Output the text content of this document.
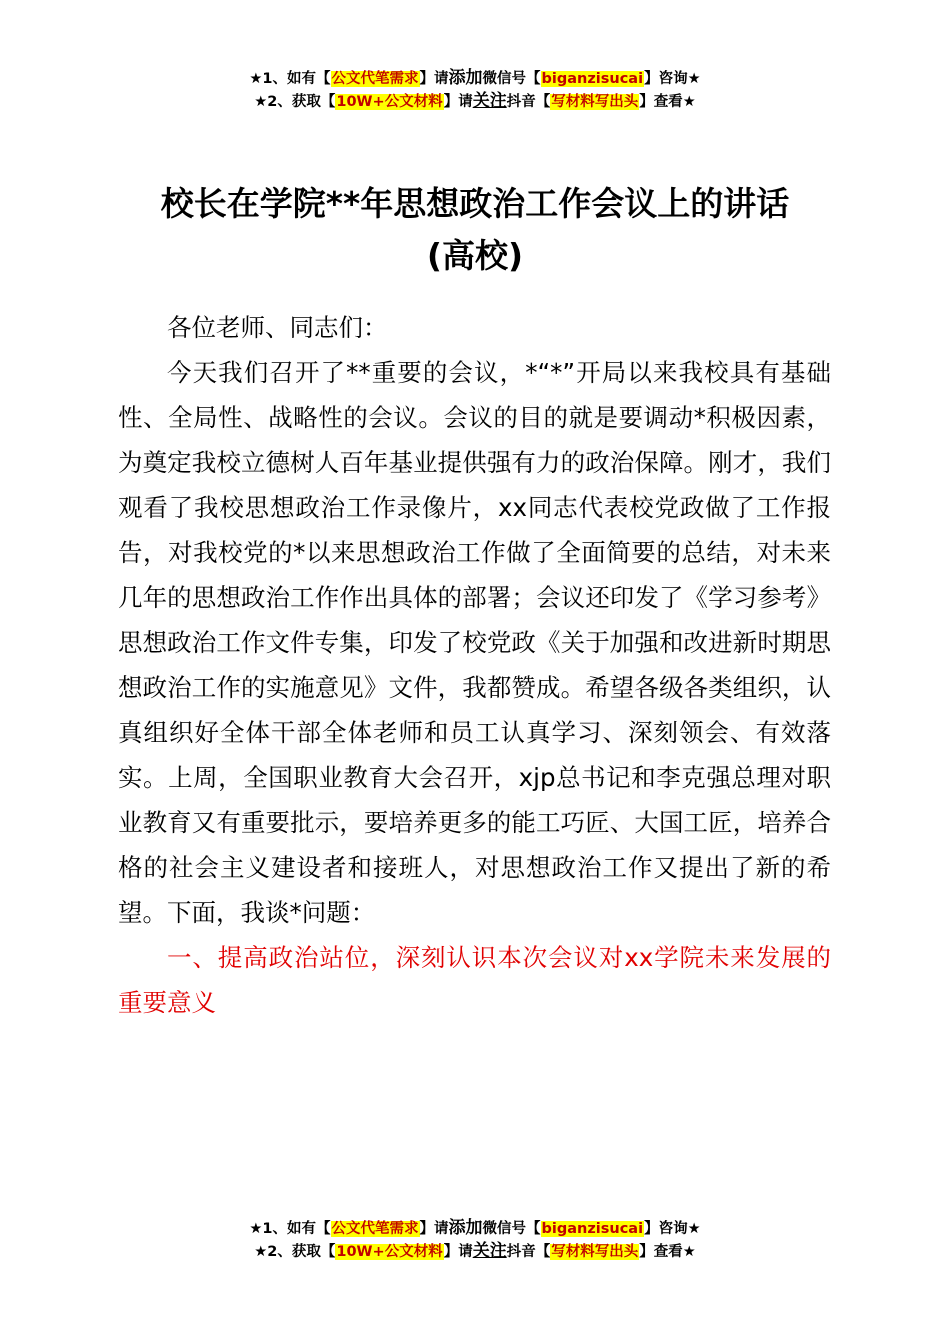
★1、如有【公文代笔需求】请添加微信号【biganzisucai】咨询★
★2、获取【10W+公文材料】请关注抖音【写材料写出头】查看★
校长在学院**年思想政治工作会议上的讲话
(高校)

各位老师、同志们：

今天我们召开了**重要的会议，*“*”开局以来我校具有基础性、全局性、战略性的会议。会议的目的就是要调动*积极因素，为奠定我校立德树人百年基业提供强有力的政治保障。刚才，我们观看了我校思想政治工作录像片，xx同志代表校党政做了工作报告，对我校党的*以来思想政治工作做了全面简要的总结，对未来几年的思想政治工作作出具体的部署；会议还印发了《学习参考》思想政治工作文件专集，印发了校党政《关于加强和改进新时期思想政治工作的实施意见》文件，我都赞成。希望各级各类组织，认真组织好全体干部全体老师和员工认真学习、深刻领会、有效落实。上周，全国职业教育大会召开，xjp总书记和李克强总理对职业教育又有重要批示，要培养更多的能工巧匠、大国工匠，培养合格的社会主义建设者和接班人，对思想政治工作又提出了新的希望。下面，我谈*问题：

一、提高政治站位，深刻认识本次会议对xx学院未来发展的重要意义

★1、如有【公文代笔需求】请添加微信号【biganzisucai】咨询★
★2、获取【10W+公文材料】请关注抖音【写材料写出头】查看★
